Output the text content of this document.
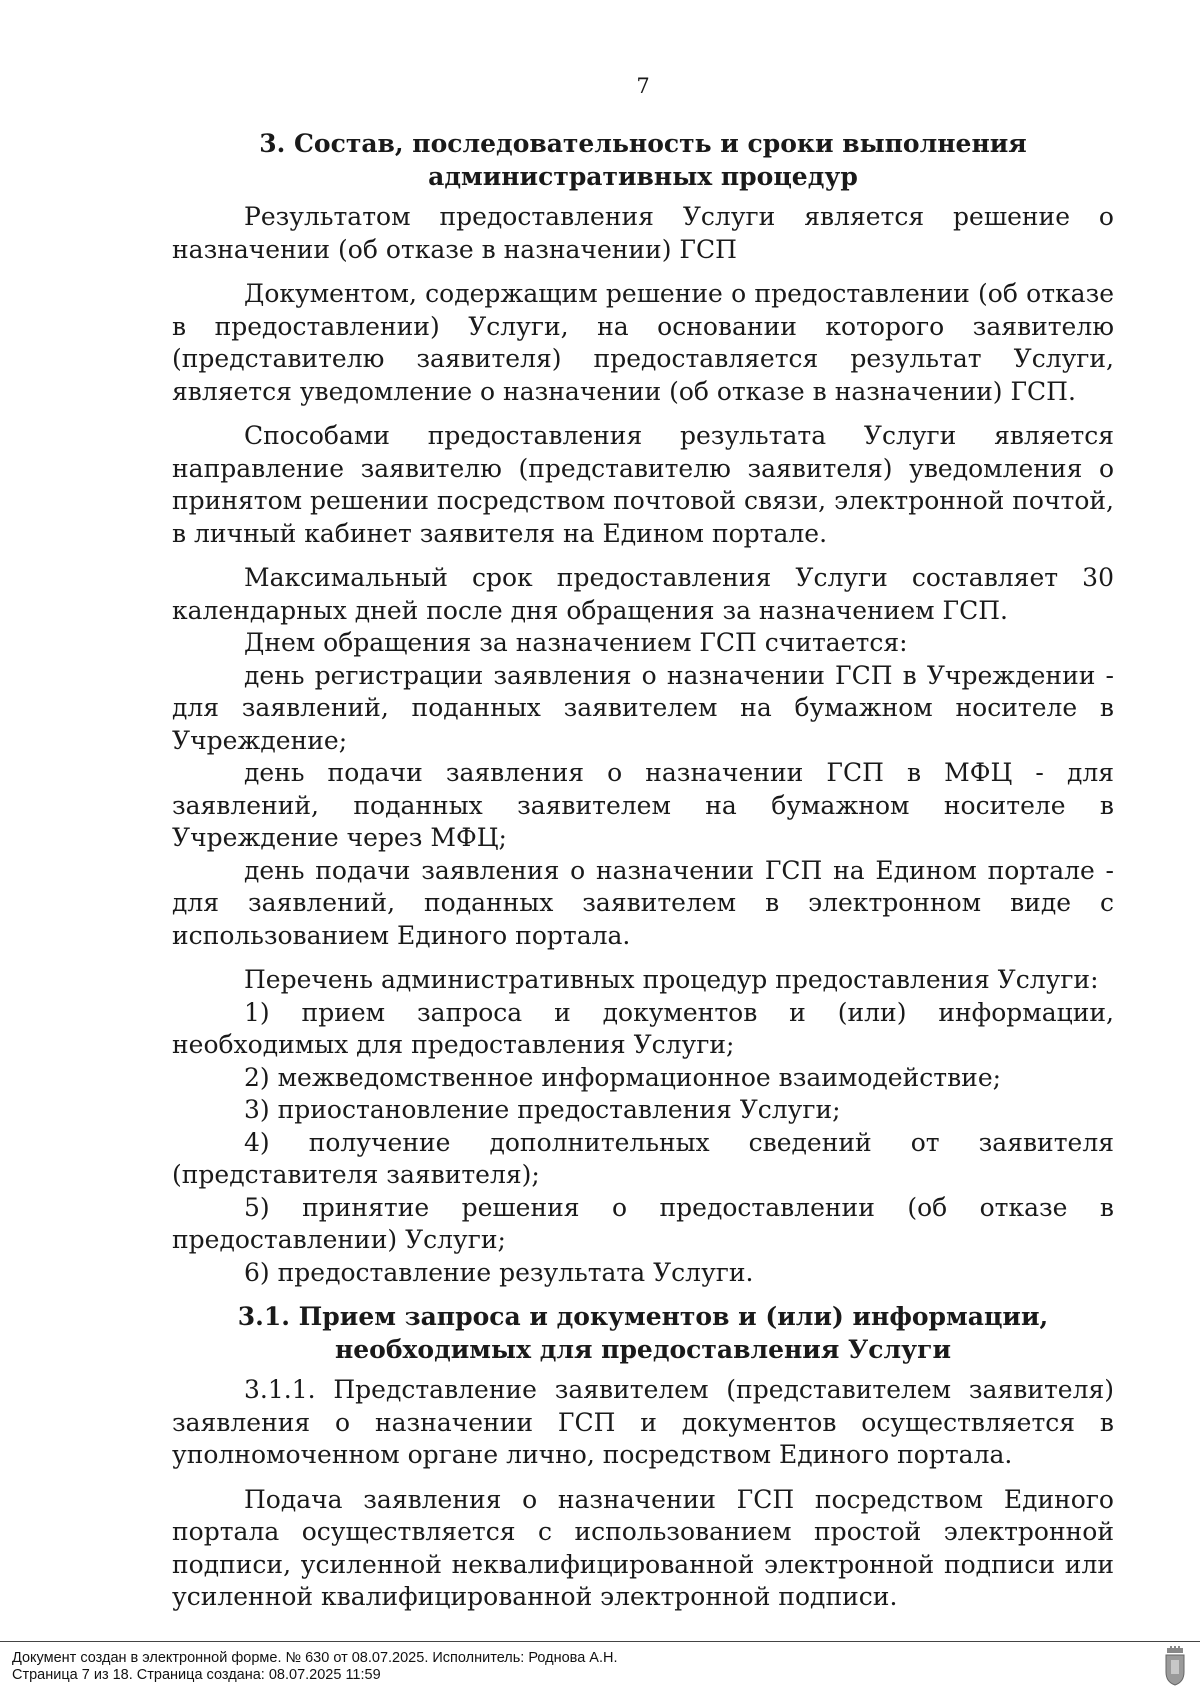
7

3. Состав, последовательность и сроки выполнения административных процедур

Результатом предоставления Услуги является решение о назначении (об отказе в назначении) ГСП

Документом, содержащим решение о предоставлении (об отказе в предоставлении) Услуги, на основании которого заявителю (представителю заявителя) предоставляется результат Услуги, является уведомление о назначении (об отказе в назначении) ГСП.

Способами предоставления результата Услуги является направление заявителю (представителю заявителя) уведомления о принятом решении посредством почтовой связи, электронной почтой, в личный кабинет заявителя на Едином портале.

Максимальный срок предоставления Услуги составляет 30 календарных дней после дня обращения за назначением ГСП.

Днем обращения за назначением ГСП считается:

день регистрации заявления о назначении ГСП в Учреждении - для заявлений, поданных заявителем на бумажном носителе в Учреждение;

день подачи заявления о назначении ГСП в МФЦ - для заявлений, поданных заявителем на бумажном носителе в Учреждение через МФЦ;

день подачи заявления о назначении ГСП на Едином портале - для заявлений, поданных заявителем в электронном виде с использованием Единого портала.

Перечень административных процедур предоставления Услуги:

1) прием запроса и документов и (или) информации, необходимых для предоставления Услуги;

2) межведомственное информационное взаимодействие;

3) приостановление предоставления Услуги;

4) получение дополнительных сведений от заявителя (представителя заявителя);

5) принятие решения о предоставлении (об отказе в предоставлении) Услуги;

6) предоставление результата Услуги.

3.1. Прием запроса и документов и (или) информации, необходимых для предоставления Услуги

3.1.1. Представление заявителем (представителем заявителя) заявления о назначении ГСП и документов осуществляется в уполномоченном органе лично, посредством Единого портала.

Подача заявления о назначении ГСП посредством Единого портала осуществляется с использованием простой электронной подписи, усиленной неквалифицированной электронной подписи или усиленной квалифицированной электронной подписи.

Документ создан в электронной форме. № 630 от 08.07.2025. Исполнитель: Роднова А.Н.
Страница 7 из 18. Страница создана: 08.07.2025 11:59
